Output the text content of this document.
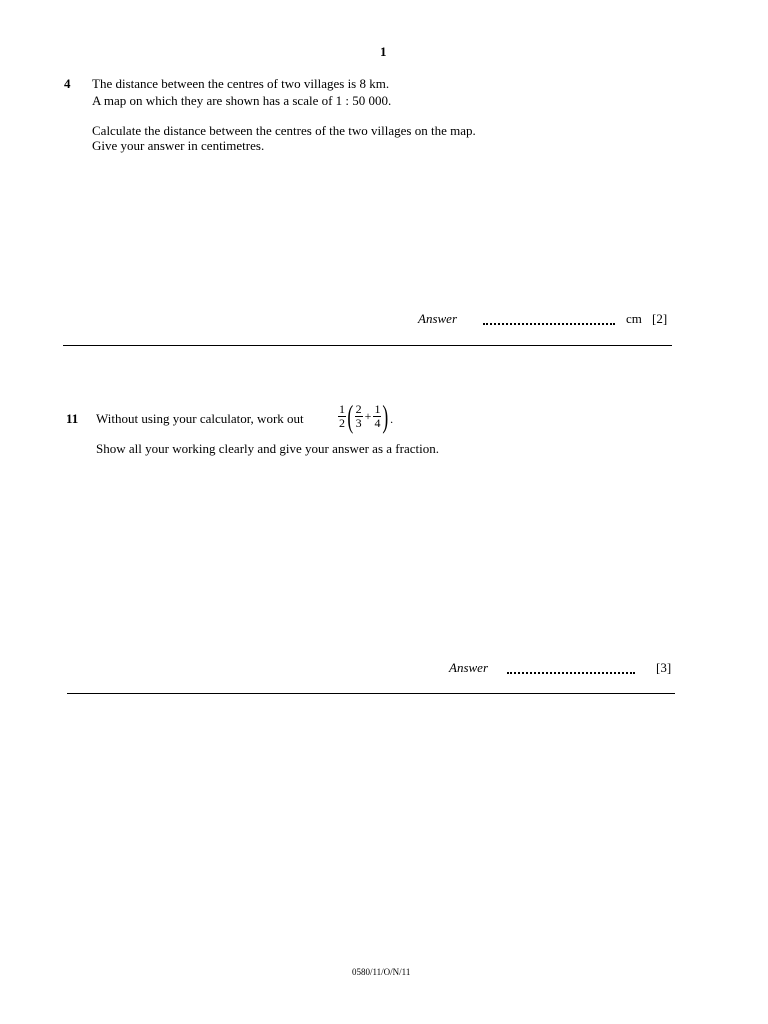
1
4 The distance between the centres of two villages is 8 km.
A map on which they are shown has a scale of 1 : 50 000.
Calculate the distance between the centres of the two villages on the map.
Give your answer in centimetres.
Answer	cm [2]
11 Without using your calculator, work out	$\frac{1}{2}$ ( $\frac{2}{3} + \frac{1}{4}$ ) .
Show all your working clearly and give your answer as a fraction.
Answer	[3]
0580/11/O/N/11
